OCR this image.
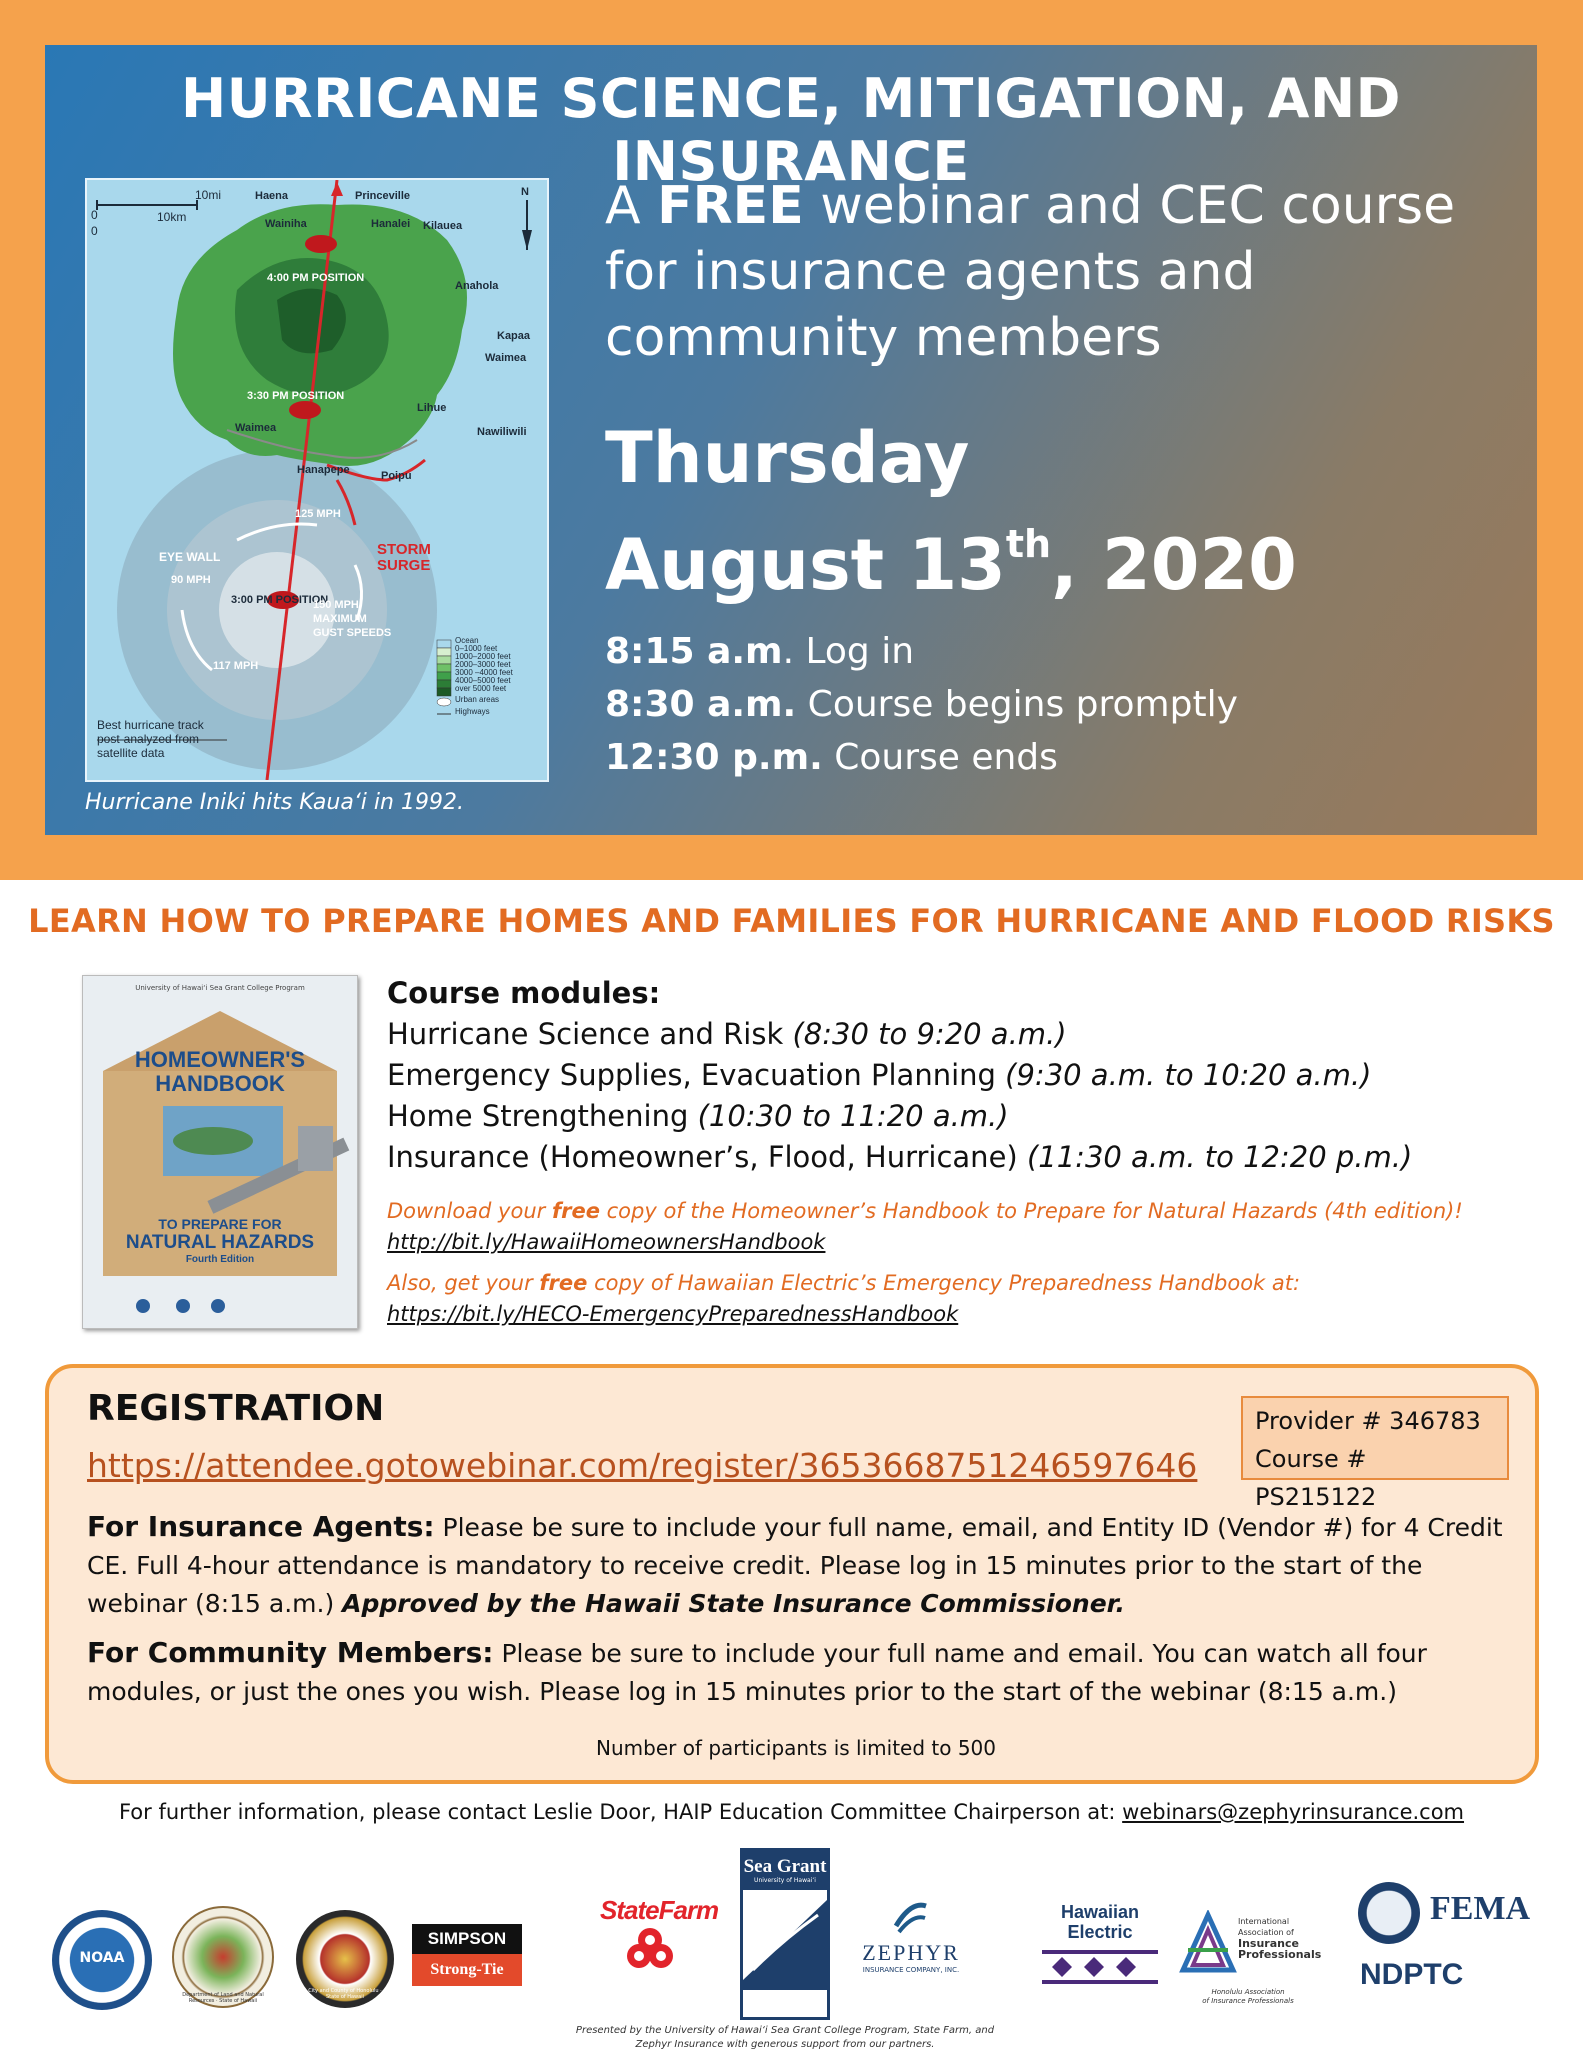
HURRICANE SCIENCE, MITIGATION, AND INSURANCE
0
0
10mi
10km
N
Haena	Princeville
Wainiha	Hanalei Kilauea
4:00 PM POSITION
Anahola
Kapaa
Waimea
3:30 PM POSITION
Lihue
Nawiliwili
Waimea
Hanapepe	Poipu
125 MPH
STORM
SURGE
EYE WALL
90 MPH
3:00 PM POSITION
150 MPH
MAXIMUM
GUST SPEEDS
117 MPH
Best hurricane track
post-analyzed from
satellite data
Ocean
0–1000 feet
1000–2000 feet
2000–3000 feet
3000 –4000 feet
4000–5000 feet
over 5000 feet
Urban areas
Highways
Hurricane Iniki hits Kaua‘i in 1992.
A FREE webinar and CEC course
for insurance agents and
community members
Thursday
August 13th, 2020
8:15 a.m. Log in
8:30 a.m. Course begins promptly
12:30 p.m. Course ends
LEARN HOW TO PREPARE HOMES AND FAMILIES FOR HURRICANE AND FLOOD RISKS
University of Hawai‘i Sea Grant College Program
HOMEOWNER'S
HANDBOOK
TO PREPARE FOR
NATURAL HAZARDS
Fourth Edition
Course modules:
Hurricane Science and Risk (8:30 to 9:20 a.m.)
Emergency Supplies, Evacuation Planning (9:30 a.m. to 10:20 a.m.)
Home Strengthening (10:30 to 11:20 a.m.)
Insurance (Homeowner’s, Flood, Hurricane) (11:30 a.m. to 12:20 p.m.)
Download your free copy of the Homeowner’s Handbook to Prepare for Natural Hazards (4th edition)!
http://bit.ly/HawaiiHomeownersHandbook
Also, get your free copy of Hawaiian Electric’s Emergency Preparedness Handbook at:
https://bit.ly/HECO-EmergencyPreparednessHandbook
REGISTRATION
https://attendee.gotowebinar.com/register/3653668751246597646
Provider # 346783
Course # PS215122
For Insurance Agents: Please be sure to include your full name, email, and Entity ID (Vendor #) for 4 Credit CE. Full 4-hour attendance is mandatory to receive credit. Please log in 15 minutes prior to the start of the webinar (8:15 a.m.) Approved by the Hawaii State Insurance Commissioner.
For Community Members: Please be sure to include your full name and email. You can watch all four modules, or just the ones you wish. Please log in 15 minutes prior to the start of the webinar (8:15 a.m.)
Number of participants is limited to 500
For further information, please contact Leslie Door, HAIP Education Committee Chairperson at: webinars@zephyrinsurance.com
NOAA
Department of Land and Natural Resources · State of Hawaii
City and County of Honolulu · State of Hawaii
SIMPSON
Strong-Tie
StateFarm
Sea Grant
University of Hawai‘i
ZEPHYR
INSURANCE COMPANY, INC.
Hawaiian
Electric
International
Association of
Insurance
Professionals
Honolulu Association
of Insurance Professionals
FEMA
NDPTC
Presented by the University of Hawai‘i Sea Grant College Program, State Farm, and Zephyr Insurance with generous support from our partners.
